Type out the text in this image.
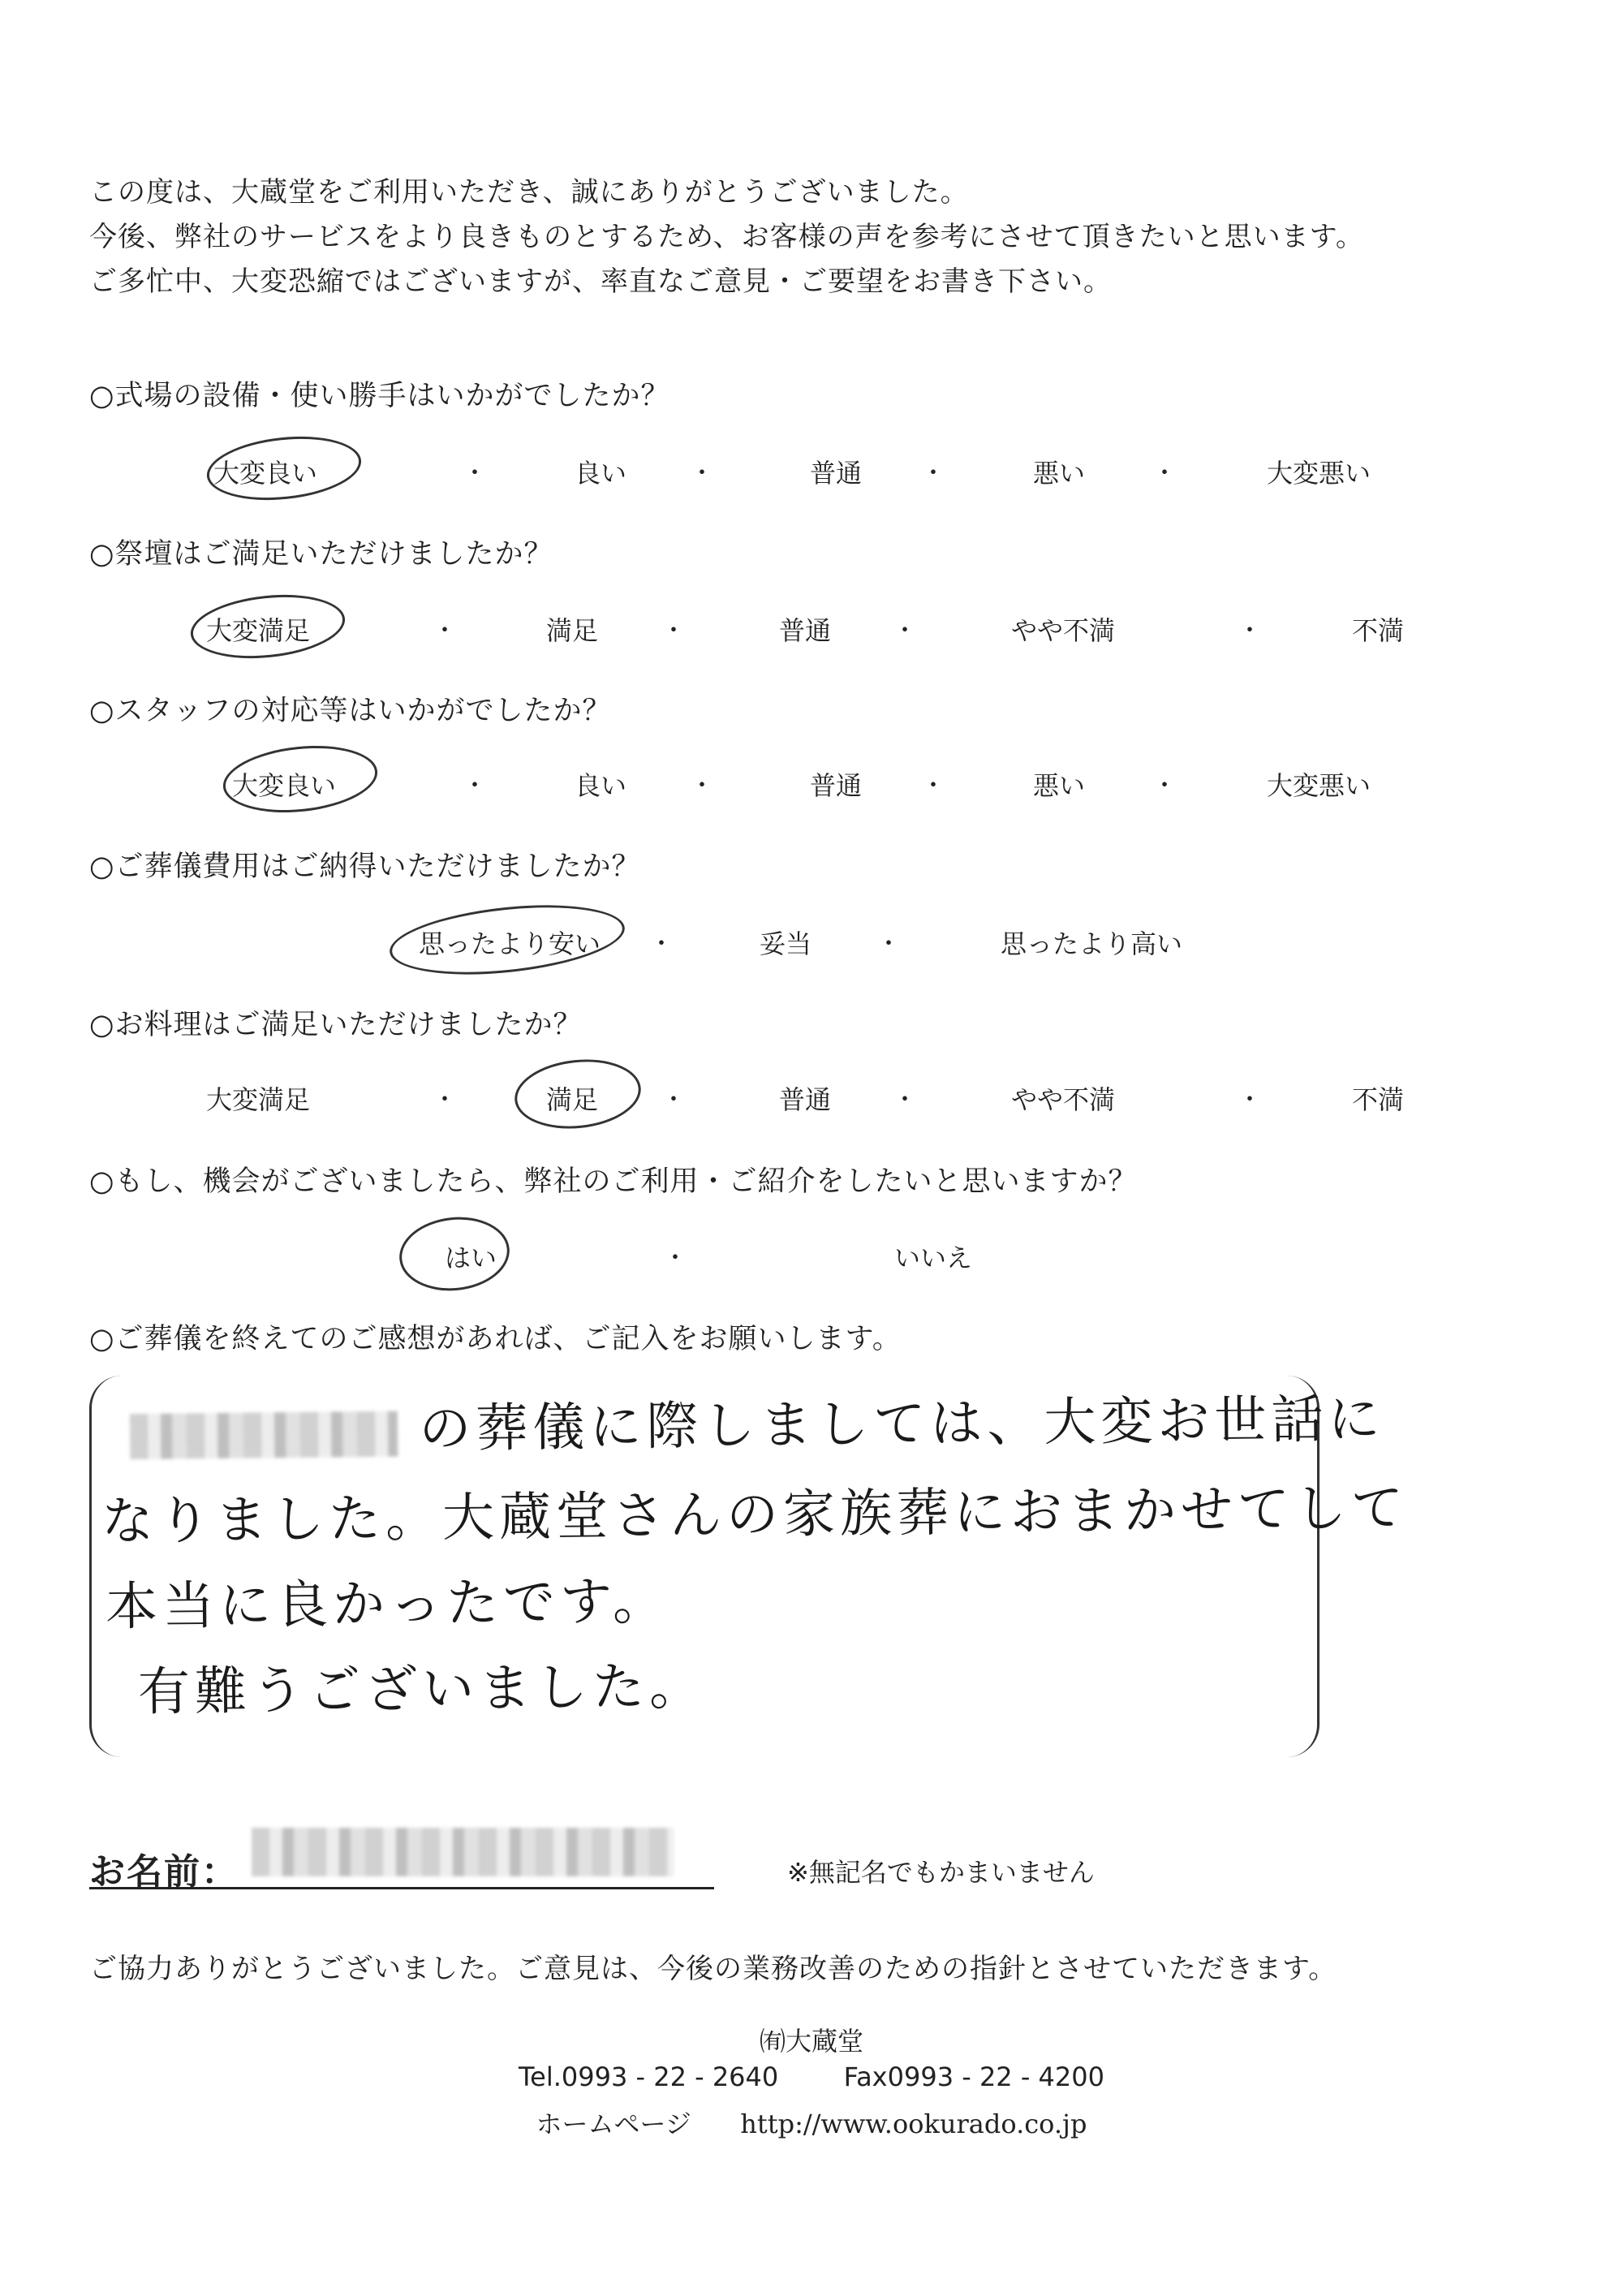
この度は、大蔵堂をご利用いただき、誠にありがとうございました。

今後、弊社のサービスをより良きものとするため、お客様の声を参考にさせて頂きたいと思います。

ご多忙中、大変恐縮ではございますが、率直なご意見・ご要望をお書き下さい。

○式場の設備・使い勝手はいかがでしたか？
大変良い	・	良い	・	普通 ・	悪い	・	大変悪い
○祭壇はご満足いただけましたか？
大変満足	・	満足	・	普通	・	やや不満	・	不満
○スタッフの対応等はいかがでしたか？
大変良い	・	良い	・	普通 ・	悪い	・	大変悪い
○ご葬儀費用はご納得いただけましたか？
思ったより安い ・	妥当	・	思ったより高い
○お料理はご満足いただけましたか？
大変満足	・	満足	・	普通	・	やや不満	・	不満
○もし、機会がございましたら、弊社のご利用・ご紹介をしたいと思いますか？
はい	・	いいえ
○ご葬儀を終えてのご感想があれば、ご記入をお願いします。
の葬儀に際しましては、大変お世話に
なりました。大蔵堂さんの家族葬におまかせてして
本当に良かったです。
有難うございました。
お名前：	※無記名でもかまいません
ご協力ありがとうございました。ご意見は、今後の業務改善のための指針とさせていただきます。
㈲大蔵堂
Tel.0993 - 22 - 2640	Fax0993 - 22 - 4200
ホームページ http://www.ookurado.co.jp
